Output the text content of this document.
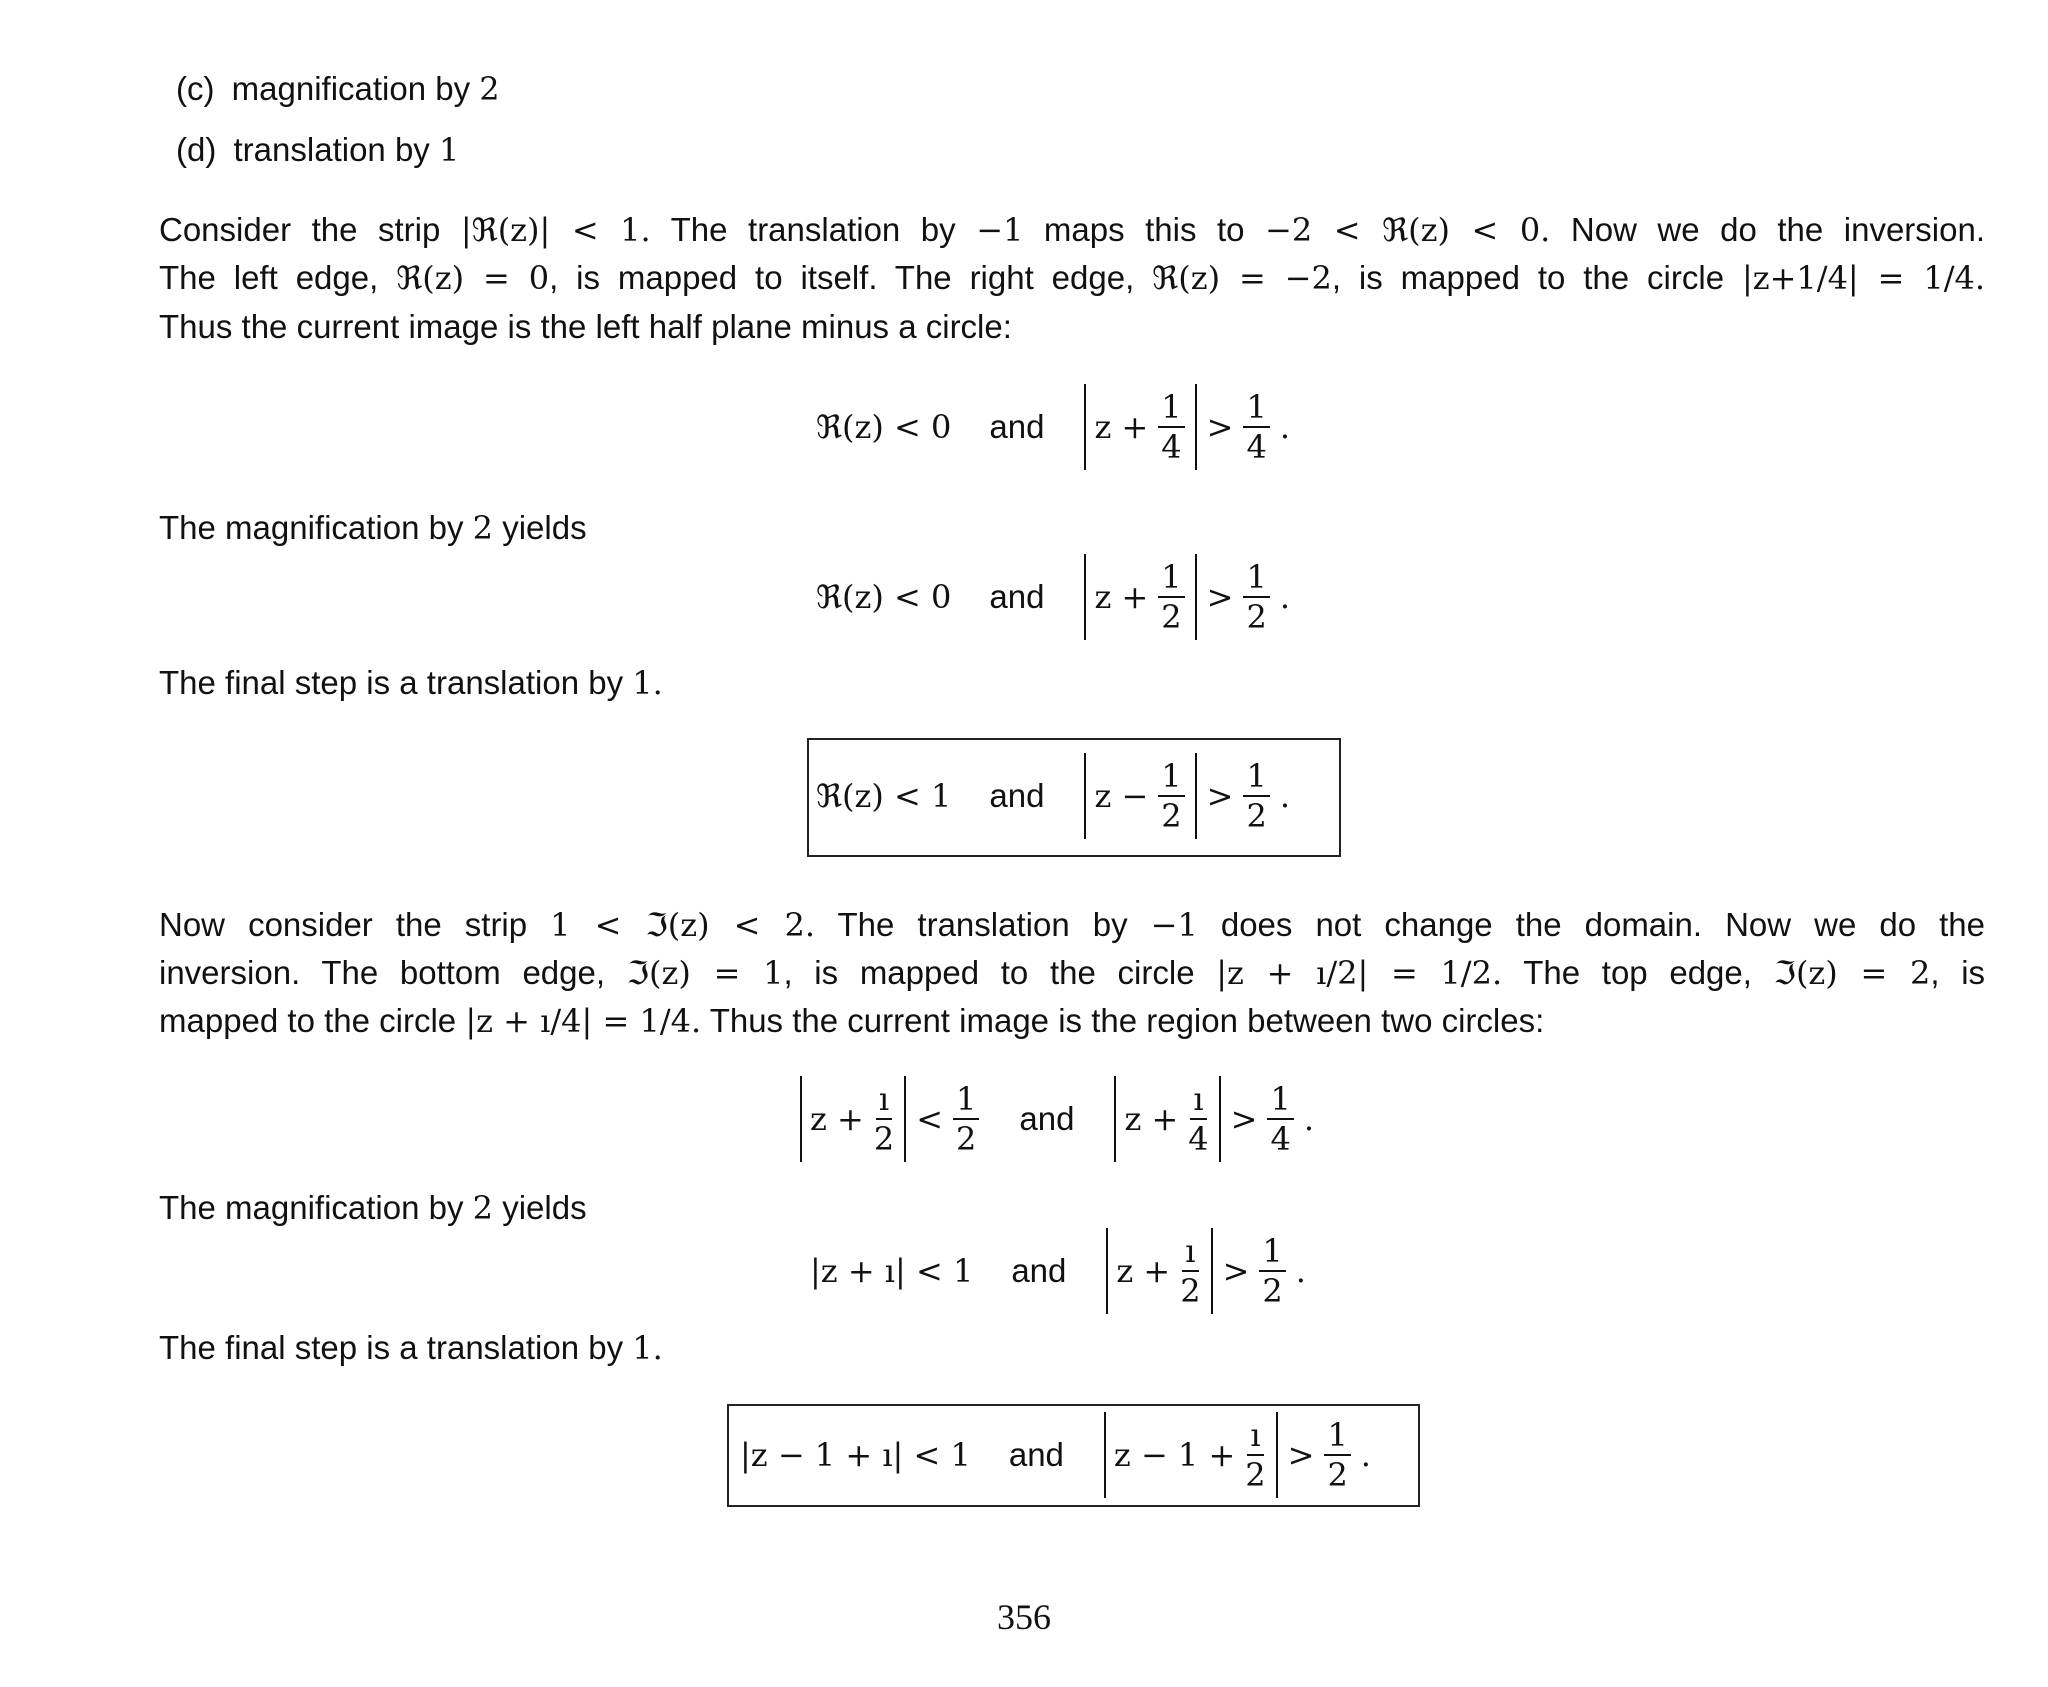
(c) magnification by 2
(d) translation by 1
Consider the strip |ℜ(z)| < 1. The translation by −1 maps this to −2 < ℜ(z) < 0. Now we do the inversion.
The left edge, ℜ(z) = 0, is mapped to itself. The right edge, ℜ(z) = −2, is mapped to the circle |z+1/4| = 1/4.
Thus the current image is the left half plane minus a circle:
ℜ(z) < 0 and $z + \frac{1}{4} > \frac{1}{4}$ .
The magnification by 2 yields
ℜ(z) < 0 and $z + \frac{1}{2} > \frac{1}{2}$ .
The final step is a translation by 1.
ℜ(z) < 1 and $z - \frac{1}{2} > \frac{1}{2}$ .
Now consider the strip 1 < ℑ(z) < 2. The translation by −1 does not change the domain. Now we do the
inversion. The bottom edge, ℑ(z) = 1, is mapped to the circle |z + ı/2| = 1/2. The top edge, ℑ(z) = 2, is
mapped to the circle |z + ı/4| = 1/4. Thus the current image is the region between two circles:
$z + \frac{ı}{2} < \frac{1}{2}$ and $z + \frac{ı}{4} > \frac{1}{4}$ .
The magnification by 2 yields
|z + ı| < 1 and $z + \frac{ı}{2} > \frac{1}{2}$ .
The final step is a translation by 1.
|z − 1 + ı| < 1 and $z - 1 + \frac{ı}{2} > \frac{1}{2}$ .
356
